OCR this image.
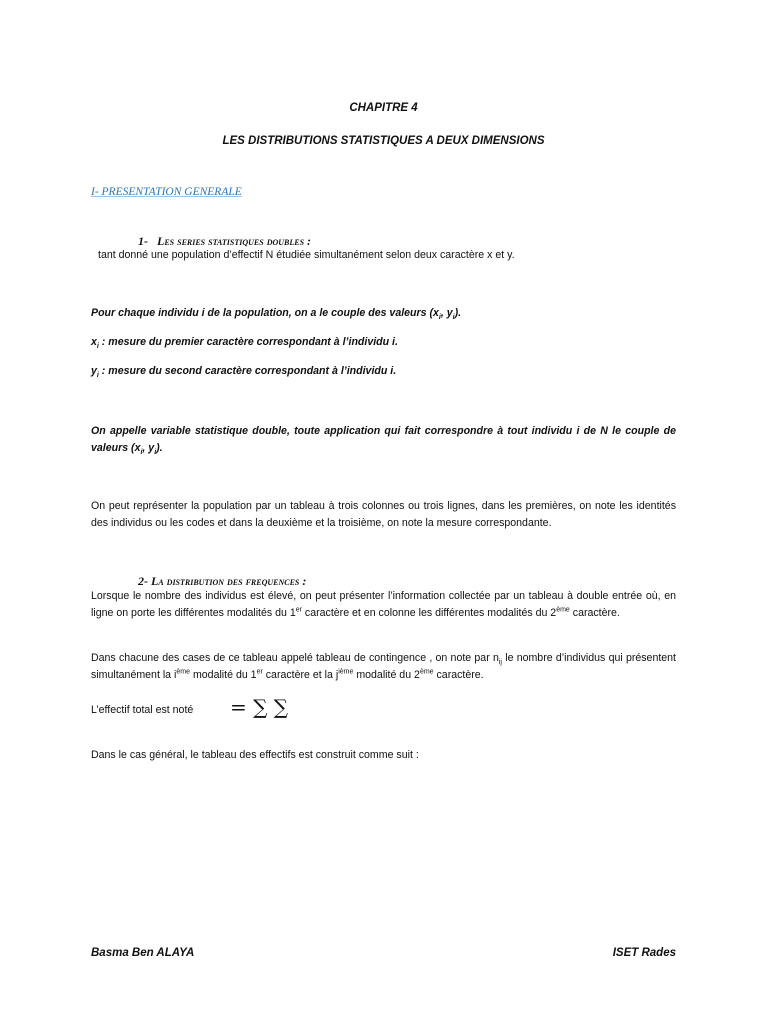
CHAPITRE 4
LES DISTRIBUTIONS STATISTIQUES A DEUX DIMENSIONS
I- PRESENTATION GENERALE
1- Les series statistiques doubles :
tant donné une population d’effectif N étudiée simultanément selon deux caractère x et y.
Pour chaque individu i de la population, on a le couple des valeurs ($x_i$, $y_i$).
$x_i$ : mesure du premier caractère correspondant à l’individu i.
$y_i$ : mesure du second caractère correspondant à l’individu i.
On appelle variable statistique double, toute application qui fait correspondre à tout individu i de N le couple de valeurs ($x_i$, $y_i$).
On peut représenter la population par un tableau à trois colonnes ou trois lignes, dans les premières, on note les identités des individus ou les codes et dans la deuxième et la troisième, on note la mesure correspondante.
2- La distribution des frequences :
Lorsque le nombre des individus est élevé, on peut présenter l’information collectée par un tableau à double entrée où, en ligne on porte les différentes modalités du 1er caractère et en colonne les différentes modalités du 2ème caractère.
Dans chacune des cases de ce tableau appelé tableau de contingence , on note par $n_{ij}$ le nombre d’individus qui présentent simultanément la $i^{ème}$ modalité du 1er caractère et la $j^{ième}$ modalité du 2ème caractère.
L’effectif total est noté	= ∑ ∑
Dans le cas général, le tableau des effectifs est construit comme suit :
Basma Ben ALAYA	ISET Rades
